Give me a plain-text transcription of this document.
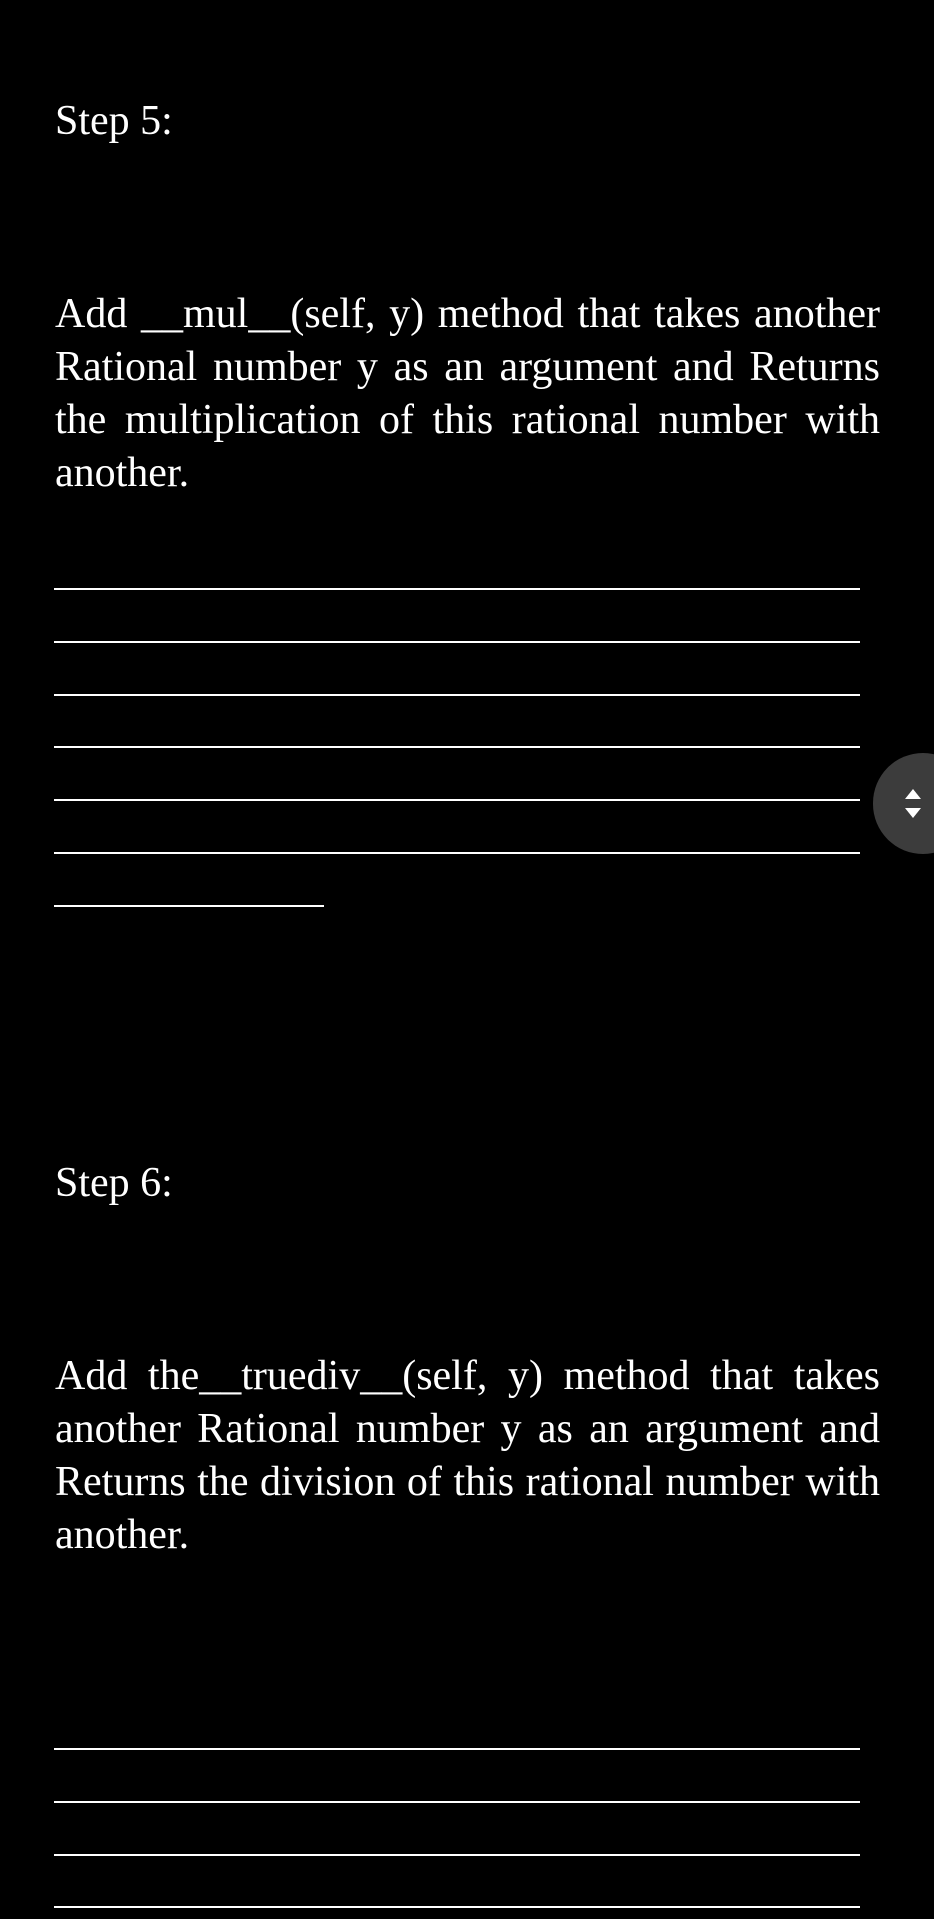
Step 5:

Add __mul__(self, y) method that takes another Rational number y as an argument and Returns the multiplication of this rational number with another.

Step 6:

Add the__truediv__(self, y) method that takes another Rational number y as an argument and Returns the division of this rational number with another.
